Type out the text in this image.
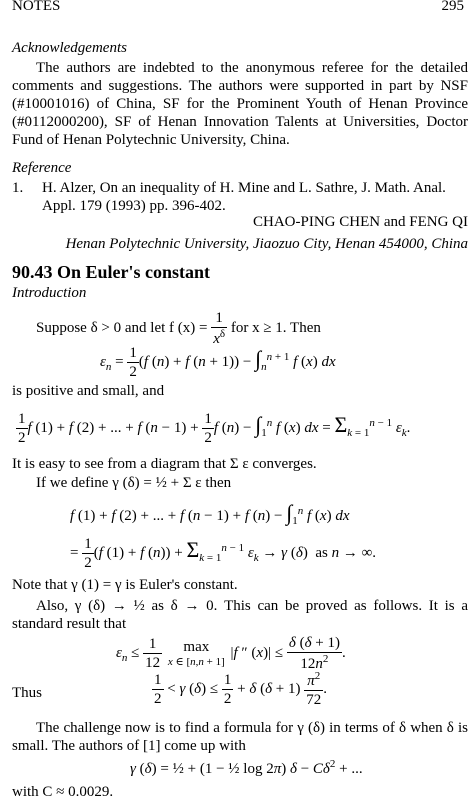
NOTES	295
Acknowledgements
The authors are indebted to the anonymous referee for the detailed comments and suggestions. The authors were supported in part by NSF (#10001016) of China, SF for the Prominent Youth of Henan Province (#0112000200), SF of Henan Innovation Talents at Universities, Doctor Fund of Henan Polytechnic University, China.
Reference
1. H. Alzer, On an inequality of H. Mine and L. Sathre, J. Math. Anal. Appl. 179 (1993) pp. 396-402.
CHAO-PING CHEN and FENG QI
Henan Polytechnic University, Jiaozuo City, Henan 454000, China
90.43 On Euler's constant
Introduction
Suppose δ > 0 and let f $(x) = \frac{1}{x^\delta}$ for x ≥ 1. Then
$\varepsilon_n = \frac{1}{2} (f$ (n) + f $(n + 1)) - \int_n^{n + 1}$ f (x) dx
is positive and small, and
$\frac{1}{2}$ f (1) + f (2) + ... + f $(n - 1) + \frac{1}{2}$ f $(n) - \int_1^n$ f (x) dx = $\Sigma_{k = 1}^{n - 1}$ $\varepsilon_k$.
It is easy to see from a diagram that Σ ε converges.
If we define γ (δ) = ½ + Σ ε then
f (1) + f (2) + ... + f (n − 1) + f $(n) - \int_1^n$ f (x) dx
= $\frac{1}{2} (f$ (1) + f $(n)) + \Sigma_{k = 1}^{n - 1}$ $\varepsilon_k \to \gamma$ (δ)  as n → ∞.
Note that γ (1) = γ is Euler's constant.
Also, γ (δ) → ½ as δ → 0. This can be proved as follows. It is a standard result that
$\varepsilon_n \le \frac{1}{12}$
	max
x ∈ [n,n + 1]
|f ″ $(x)| \le \frac{\delta (\delta + 1)}{12n^2}$ .
Thus	$\frac{1}{2} < \gamma$ $(\delta) \le \frac{1}{2} + \delta$ $(\delta + 1) \frac{\pi^2}{72}$ .
The challenge now is to find a formula for γ (δ) in terms of δ when δ is small. The authors of [1] come up with
γ (δ) = ½ + (1 − ½ log 2π) $\delta - C\delta^2$ + ...
with C ≈ 0.0029.
